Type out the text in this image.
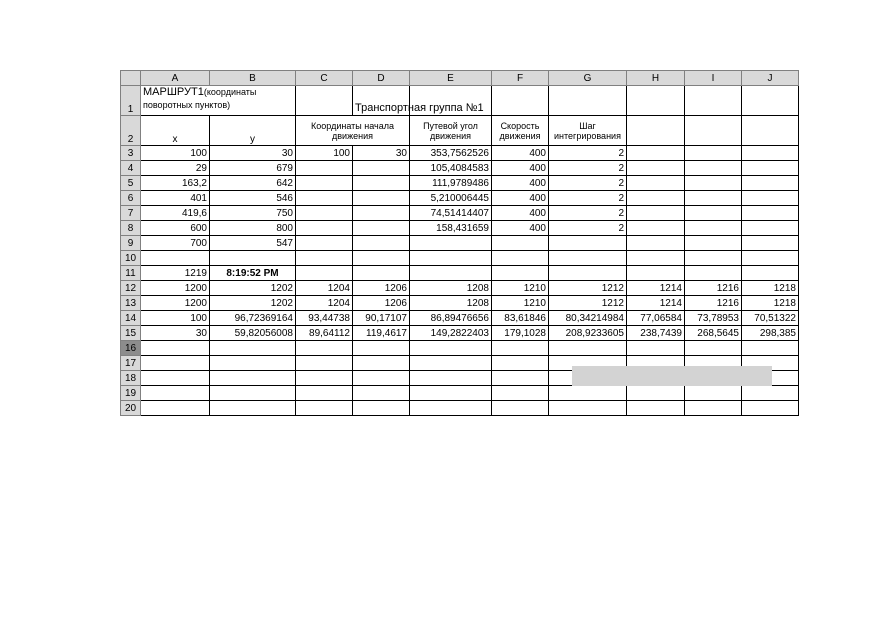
	A	B	C	D	E	F	G	H	I	J
1	МАРШРУТ1(координаты поворотных пунктов)			Транспортная группа №1						

2	x	y	Координаты начала движения		Путевой угол движения	Скорость движения	Шаг интегрирования			
3	100	30	100	30	353,7562526	400	2			
4	29	679			105,4084583	400	2			
5	163,2	642			111,9789486	400	2			
6	401	546			5,210006445	400	2			
7	419,6	750			74,51414407	400	2			
8	600	800			158,431659	400	2			
9	700	547								
10										
11	1219	8:19:52 PM								
12	1200	1202	1204	1206	1208	1210	1212	1214	1216	1218
13	1200	1202	1204	1206	1208	1210	1212	1214	1216	1218
14	100	96,72369164	93,44738	90,17107	86,89476656	83,61846	80,34214984	77,06584	73,78953	70,51322
15	30	59,82056008	89,64112	119,4617	149,2822403	179,1028	208,9233605	238,7439	268,5645	298,385
16										
17										
18										
19										
20										
